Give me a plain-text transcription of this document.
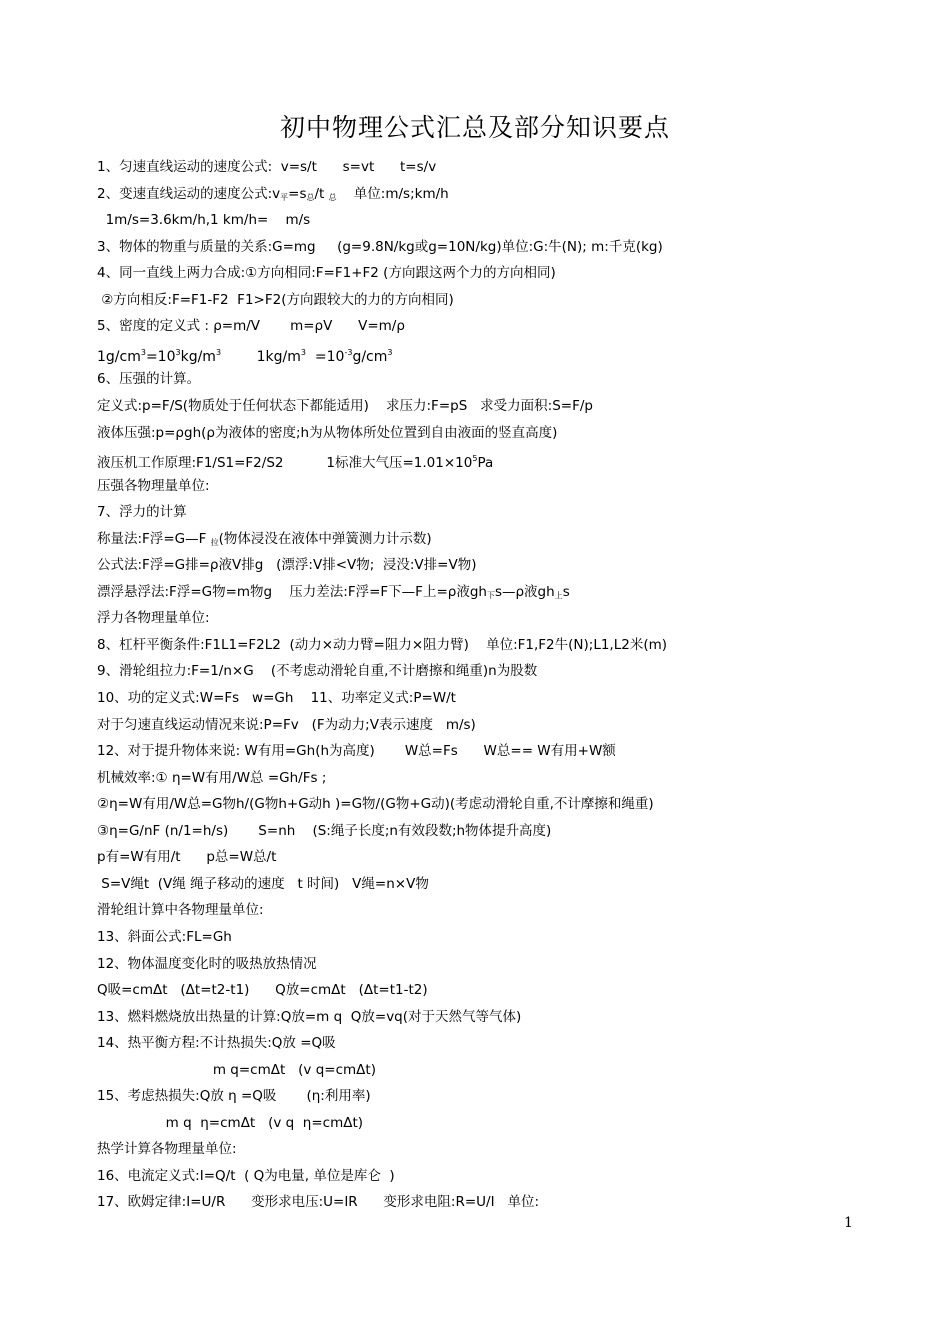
初中物理公式汇总及部分知识要点
1、匀速直线运动的速度公式:  v=s/t      s=vt      t=s/v
2、变速直线运动的速度公式$:v_平=s_总/t$ $_总$    单位:m/s;km/h
1m/s=3.6km/h,1 km/h=    m/s
3、物体的物重与质量的关系:G=mg     (g=9.8N/kg或g=10N/kg)单位:G:牛(N); m:千克(kg)
4、同一直线上两力合成:①方向相同:F=F1+F2 (方向跟这两个力的方向相同)
②方向相反:F=F1-F2  F1>F2(方向跟较大的力的方向相同)
5、密度的定义式 : ρ=m/V       m=ρV      V=m/ρ
$1g/cm^3=10^3kg/m^3$        $1kg/m^3 =10^{-3}g/cm^3$
6、压强的计算。
定义式:p=F/S(物质处于任何状态下都能适用)    求压力:F=pS   求受力面积:S=F/p
液体压强:p=ρgh(ρ为液体的密度;h为从物体所处位置到自由液面的竖直高度)
液压机工作原理:F1/S1=F2/S2          1标准大气压$=1.01\times 10^5Pa$
压强各物理量单位:
7、浮力的计算
称量法:F浮=G—F $_拉$(物体浸没在液体中弹簧测力计示数)
公式法:F浮=G排=ρ液V排g   (漂浮:V排<V物;  浸没:V排=V物)
漂浮悬浮法:F浮=G物=m物g    压力差法:F浮=F下—F上=ρ液$gh_下s—\rho$液$gh_上s$
浮力各物理量单位:
8、杠杆平衡条件:F1L1=F2L2  (动力×动力臂=阻力×阻力臂)    单位:F1,F2牛(N);L1,L2米(m)
9、滑轮组拉力:F=1/n×G    (不考虑动滑轮自重,不计磨擦和绳重)n为股数
10、功的定义式:W=Fs   w=Gh    11、功率定义式:P=W/t
对于匀速直线运动情况来说:P=Fv   (F为动力;V表示速度   m/s)
12、对于提升物体来说: W有用=Gh(h为高度)       W总=Fs      W总== W有用+W额
机械效率:① η=W有用/W总 =Gh/Fs ;
②η=W有用/W总=G物h/(G物h+G动h )=G物/(G物+G动)(考虑动滑轮自重,不计摩擦和绳重)
③η=G/nF (n/1=h/s)       S=nh    (S:绳子长度;n有效段数;h物体提升高度)
p有=W有用/t      p总=W总/t
S=V绳t  (V绳 绳子移动的速度   t 时间)   V绳=n×V物
滑轮组计算中各物理量单位:
13、斜面公式:FL=Gh
12、物体温度变化时的吸热放热情况
Q吸=cmΔt   (Δt=t2-t1)      Q放=cmΔt   (Δt=t1-t2)
13、燃料燃烧放出热量的计算:Q放=m q  Q放=vq(对于天然气等气体)
14、热平衡方程:不计热损失:Q放 =Q吸
m q=cmΔt   (v q=cmΔt)
15、考虑热损失:Q放 η =Q吸       (η:利用率)
m q  η=cmΔt   (v q  η=cmΔt)
热学计算各物理量单位:
16、电流定义式:I=Q/t  ( Q为电量, 单位是库仑  )
17、欧姆定律:I=U/R      变形求电压:U=IR      变形求电阻:R=U/I   单位:
1
